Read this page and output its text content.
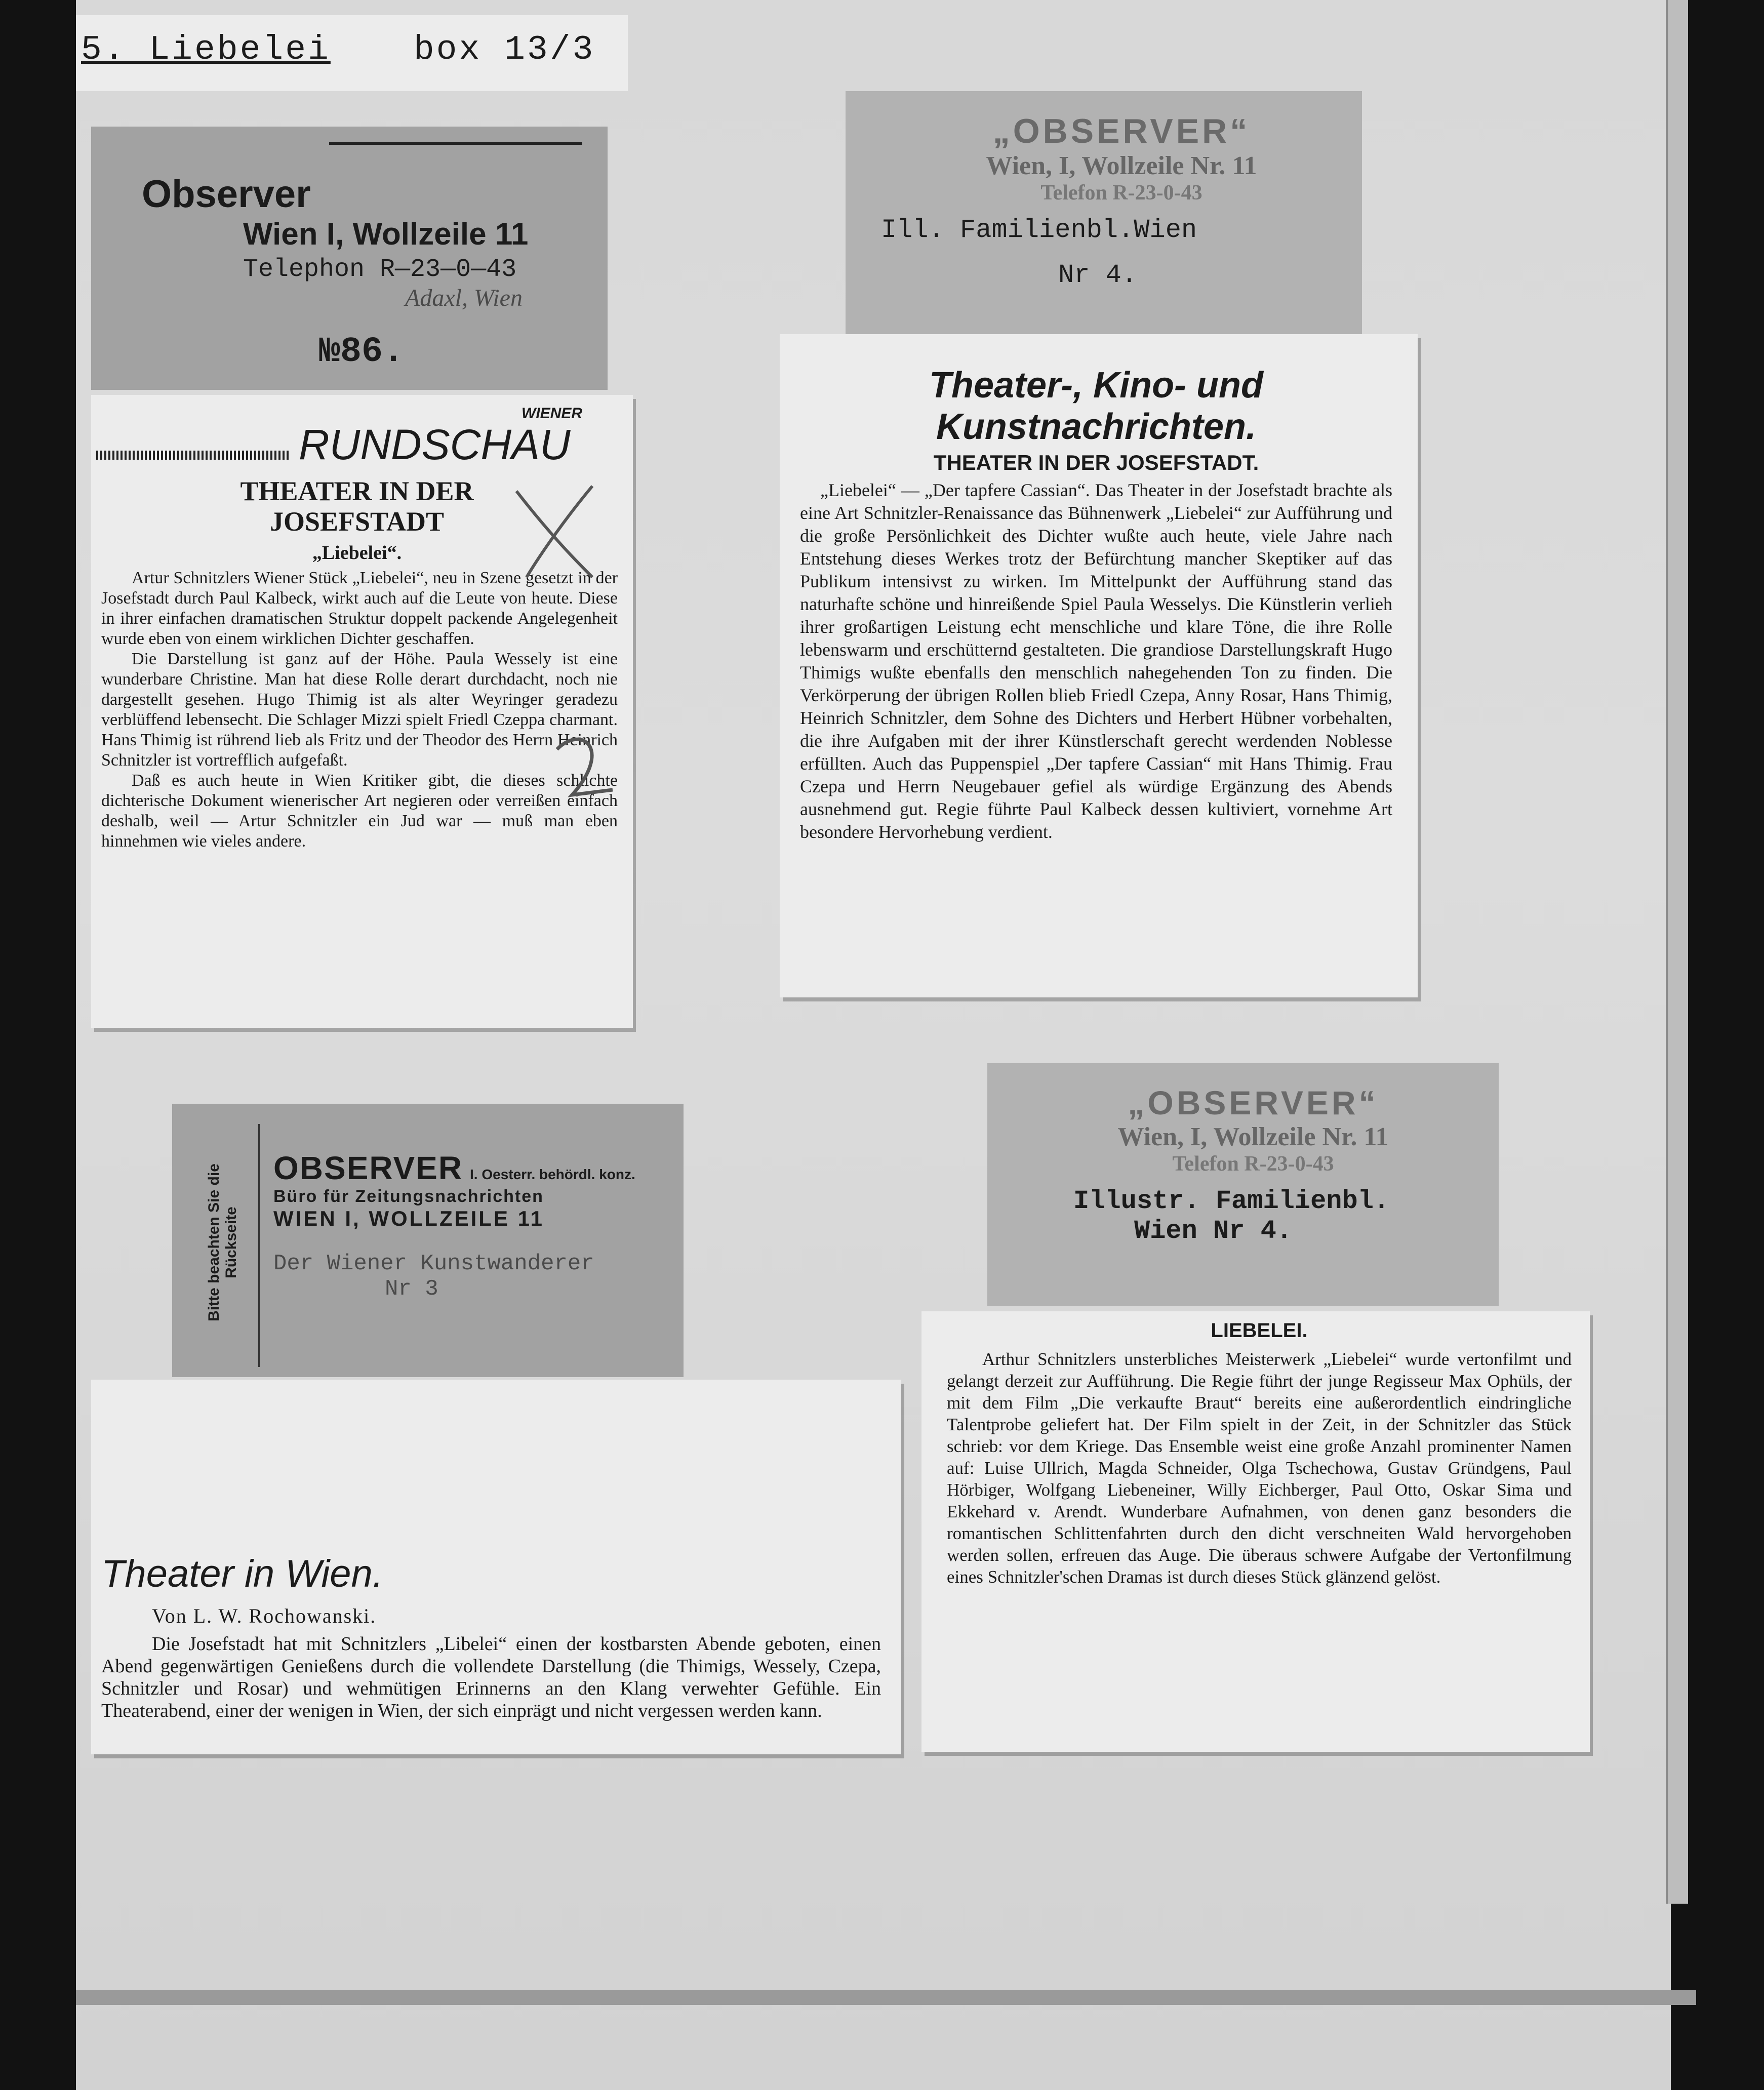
5. Liebelei box 13/3
Observer
Wien I, Wollzeile 11
Telephon R—23—0—43
Adaxl, Wien
№86.
WIENER
RUNDSCHAU
THEATER IN DER
JOSEFSTADT
„Liebelei“.

Artur Schnitzlers Wiener Stück „Liebelei“, neu in Szene gesetzt in der Josefstadt durch Paul Kalbeck, wirkt auch auf die Leute von heute. Diese in ihrer einfachen dramatischen Struktur doppelt packende Angelegenheit wurde eben von einem wirklichen Dichter geschaffen.

Die Darstellung ist ganz auf der Höhe. Paula Wessely ist eine wunderbare Christine. Man hat diese Rolle derart durchdacht, noch nie dargestellt gesehen. Hugo Thimig ist als alter Weyringer geradezu verblüffend lebensecht. Die Schlager Mizzi spielt Friedl Czeppa charmant. Hans Thimig ist rührend lieb als Fritz und der Theodor des Herrn Heinrich Schnitzler ist vortrefflich aufgefaßt.

Daß es auch heute in Wien Kritiker gibt, die dieses schlichte dichterische Dokument wienerischer Art negieren oder verreißen einfach deshalb, weil — Artur Schnitzler ein Jud war — muß man eben hinnehmen wie vieles andere.

„OBSERVER“
Wien, I, Wollzeile Nr. 11
Telefon R-23-0-43
Ill. Familienbl.Wien
Nr 4.
Theater-, Kino- und
Kunstnachrichten.
THEATER IN DER JOSEFSTADT.
„Liebelei“ — „Der tapfere Cassian“. Das Theater in der Josefstadt brachte als eine Art Schnitzler-Renaissance das Bühnenwerk „Liebelei“ zur Aufführung und die große Persönlichkeit des Dichter wußte auch heute, viele Jahre nach Entstehung dieses Werkes trotz der Befürchtung mancher Skeptiker auf das Publikum intensivst zu wirken. Im Mittelpunkt der Aufführung stand das naturhafte schöne und hinreißende Spiel Paula Wesselys. Die Künstlerin verlieh ihrer großartigen Leistung echt menschliche und klare Töne, die ihre Rolle lebenswarm und erschütternd gestalteten. Die grandiose Darstellungskraft Hugo Thimigs wußte ebenfalls den menschlich nahegehenden Ton zu finden. Die Verkörperung der übrigen Rollen blieb Friedl Czepa, Anny Rosar, Hans Thimig, Heinrich Schnitzler, dem Sohne des Dichters und Herbert Hübner vorbehalten, die ihre Aufgaben mit der ihrer Künstlerschaft gerecht werdenden Noblesse erfüllten. Auch das Puppenspiel „Der tapfere Cassian“ mit Hans Thimig. Frau Czepa und Herrn Neugebauer gefiel als würdige Ergänzung des Abends ausnehmend gut. Regie führte Paul Kalbeck dessen kultiviert, vornehme Art besondere Hervorhebung verdient.
Bitte beachten Sie die Rückseite
OBSERVER I. Oesterr. behördl. konz.
Büro für Zeitungsnachrichten
WIEN I, WOLLZEILE 11
Der Wiener Kunstwanderer
Nr 3
„OBSERVER“
Wien, I, Wollzeile Nr. 11
Telefon R-23-0-43
Illustr. Familienbl.
Wien Nr 4.
Theater in Wien.
Von L. W. Rochowanski.
Die Josefstadt hat mit Schnitzlers „Libelei“ einen der kostbarsten Abende geboten, einen Abend gegenwärtigen Genießens durch die vollendete Darstellung (die Thimigs, Wessely, Czepa, Schnitzler und Rosar) und wehmütigen Erinnerns an den Klang verwehter Gefühle. Ein Theaterabend, einer der wenigen in Wien, der sich einprägt und nicht vergessen werden kann.
LIEBELEI.
Arthur Schnitzlers unsterbliches Meisterwerk „Liebelei“ wurde vertonfilmt und gelangt derzeit zur Aufführung. Die Regie führt der junge Regisseur Max Ophüls, der mit dem Film „Die verkaufte Braut“ bereits eine außerordentlich eindringliche Talentprobe geliefert hat. Der Film spielt in der Zeit, in der Schnitzler das Stück schrieb: vor dem Kriege. Das Ensemble weist eine große Anzahl prominenter Namen auf: Luise Ullrich, Magda Schneider, Olga Tschechowa, Gustav Gründgens, Paul Hörbiger, Wolfgang Liebeneiner, Willy Eichberger, Paul Otto, Oskar Sima und Ekkehard v. Arendt. Wunderbare Aufnahmen, von denen ganz besonders die romantischen Schlittenfahrten durch den dicht verschneiten Wald hervorgehoben werden sollen, erfreuen das Auge. Die überaus schwere Aufgabe der Vertonfilmung eines Schnitzler'schen Dramas ist durch dieses Stück glänzend gelöst.
